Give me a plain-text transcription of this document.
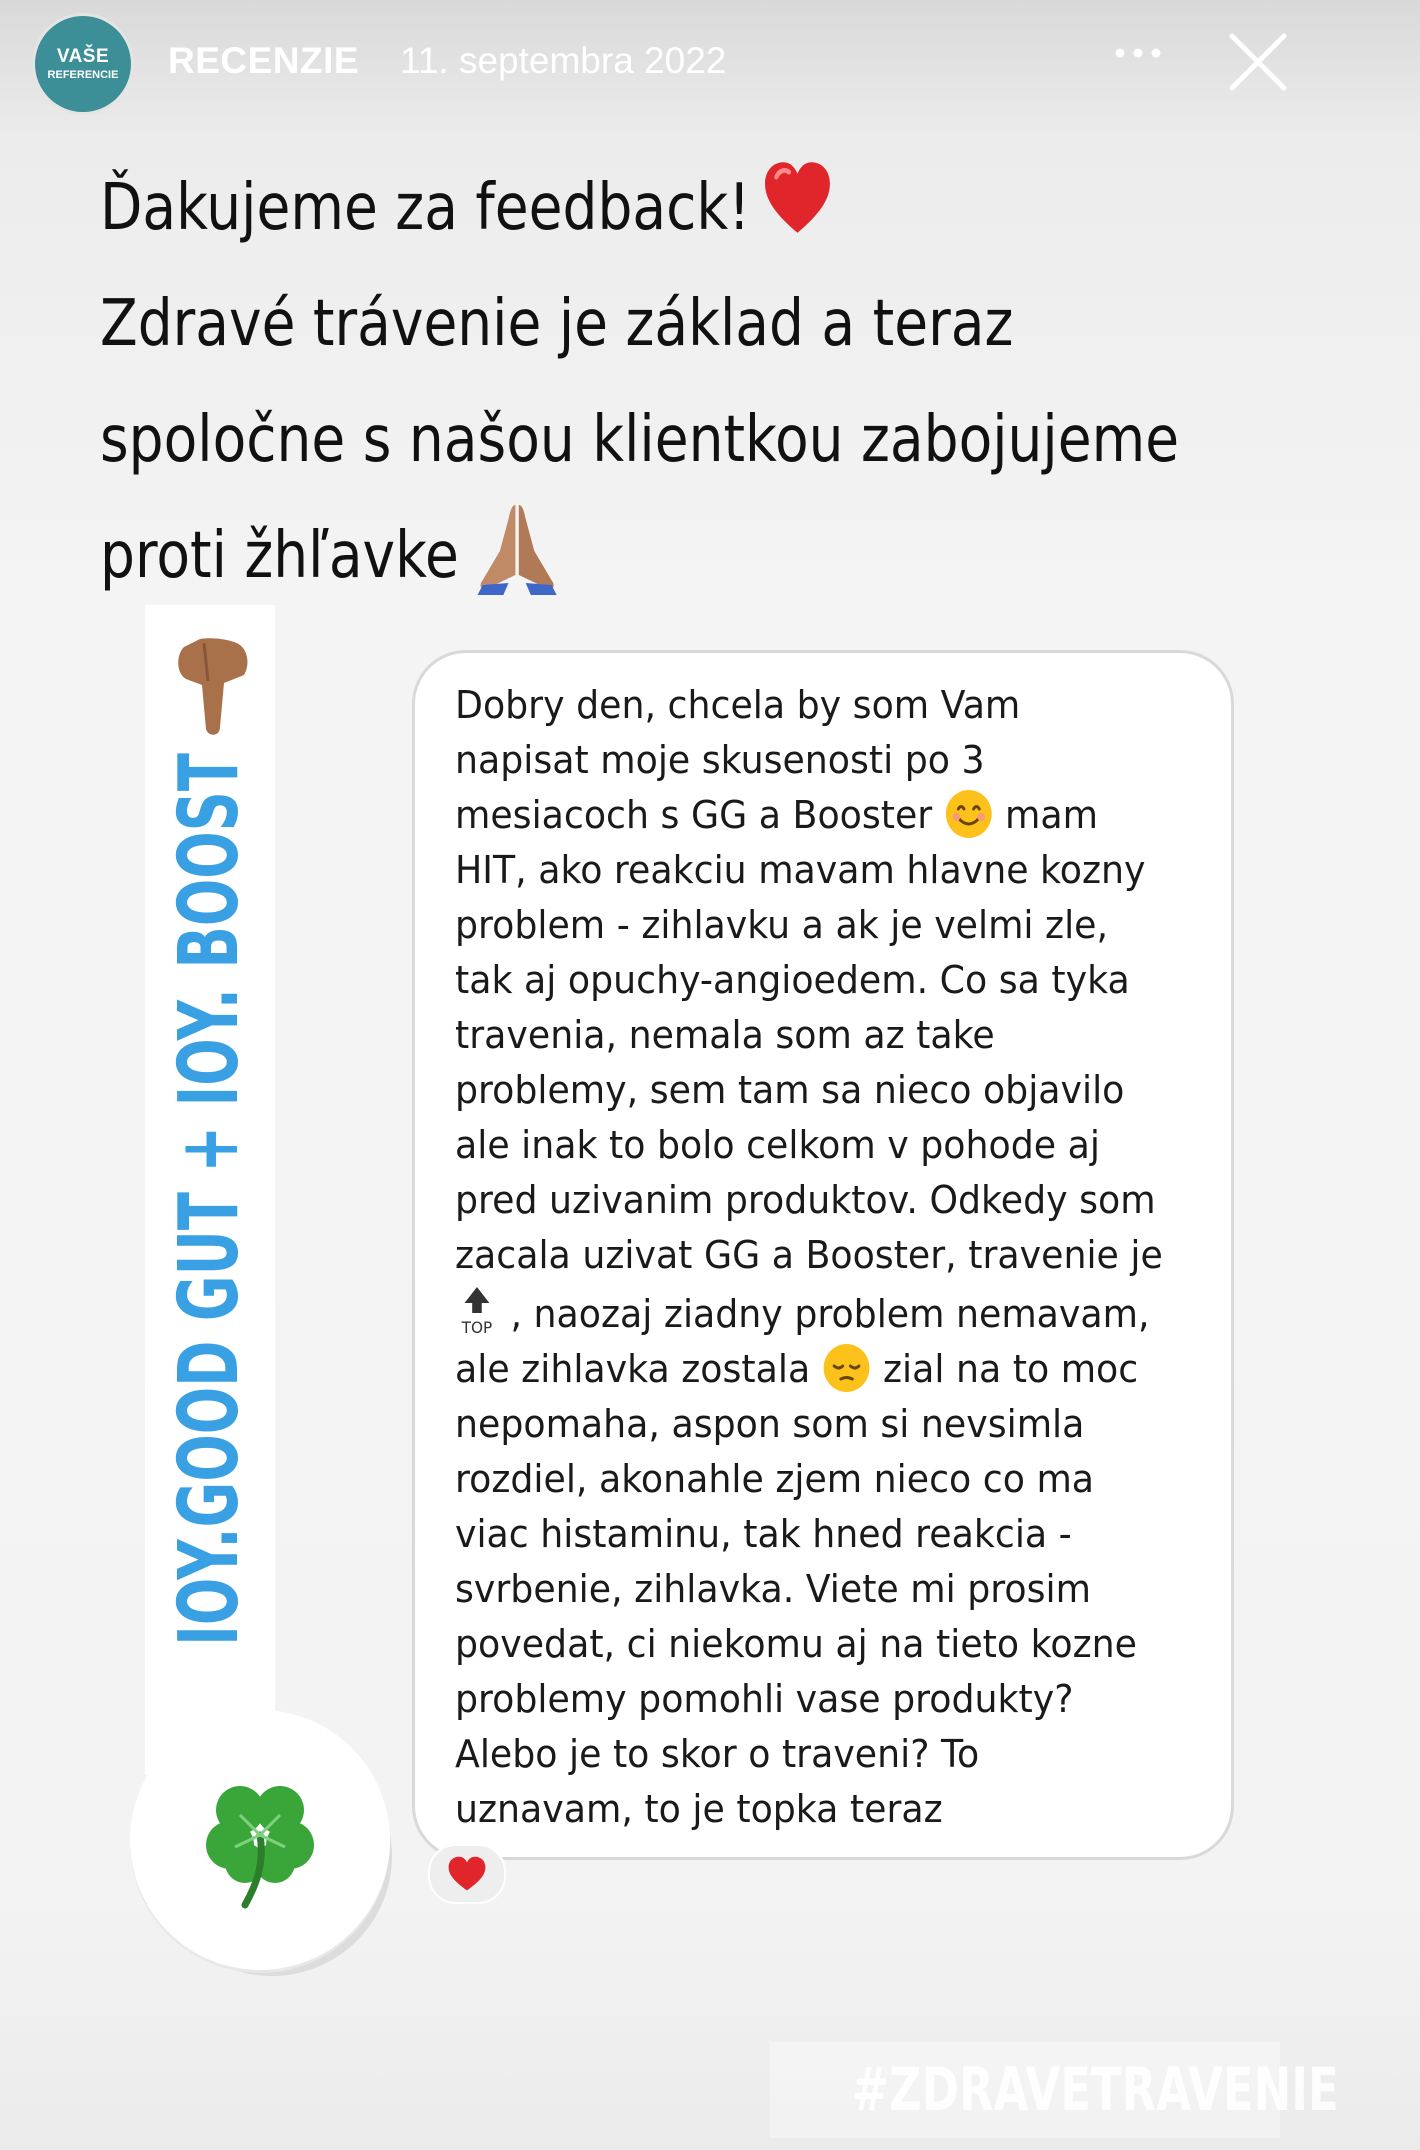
VAŠE
REFERENCIE RECENZIE 11. septembra 2022
Ďakujeme za feedback!
Zdravé trávenie je základ a teraz
spoločne s našou klientkou zabojujeme
proti žhľavke
IOY.GOOD GUT + IOY. BOOST
Dobry den, chcela by som Vam
napisat moje skusenosti po 3
mesiacoch s GG a Booster mam
HIT, ako reakciu mavam hlavne kozny
problem - zihlavku a ak je velmi zle,
tak aj opuchy-angioedem. Co sa tyka
travenia, nemala som az take
problemy, sem tam sa nieco objavilo
ale inak to bolo celkom v pohode aj
pred uzivanim produktov. Odkedy som
zacala uzivat GG a Booster, travenie je
TOP , naozaj ziadny problem nemavam,
ale zihlavka zostala zial na to moc
nepomaha, aspon som si nevsimla
rozdiel, akonahle zjem nieco co ma
viac histaminu, tak hned reakcia -
svrbenie, zihlavka. Viete mi prosim
povedat, ci niekomu aj na tieto kozne
problemy pomohli vase produkty?
Alebo je to skor o traveni? To
uznavam, to je topka teraz
#ZDRAVETRAVENIE
